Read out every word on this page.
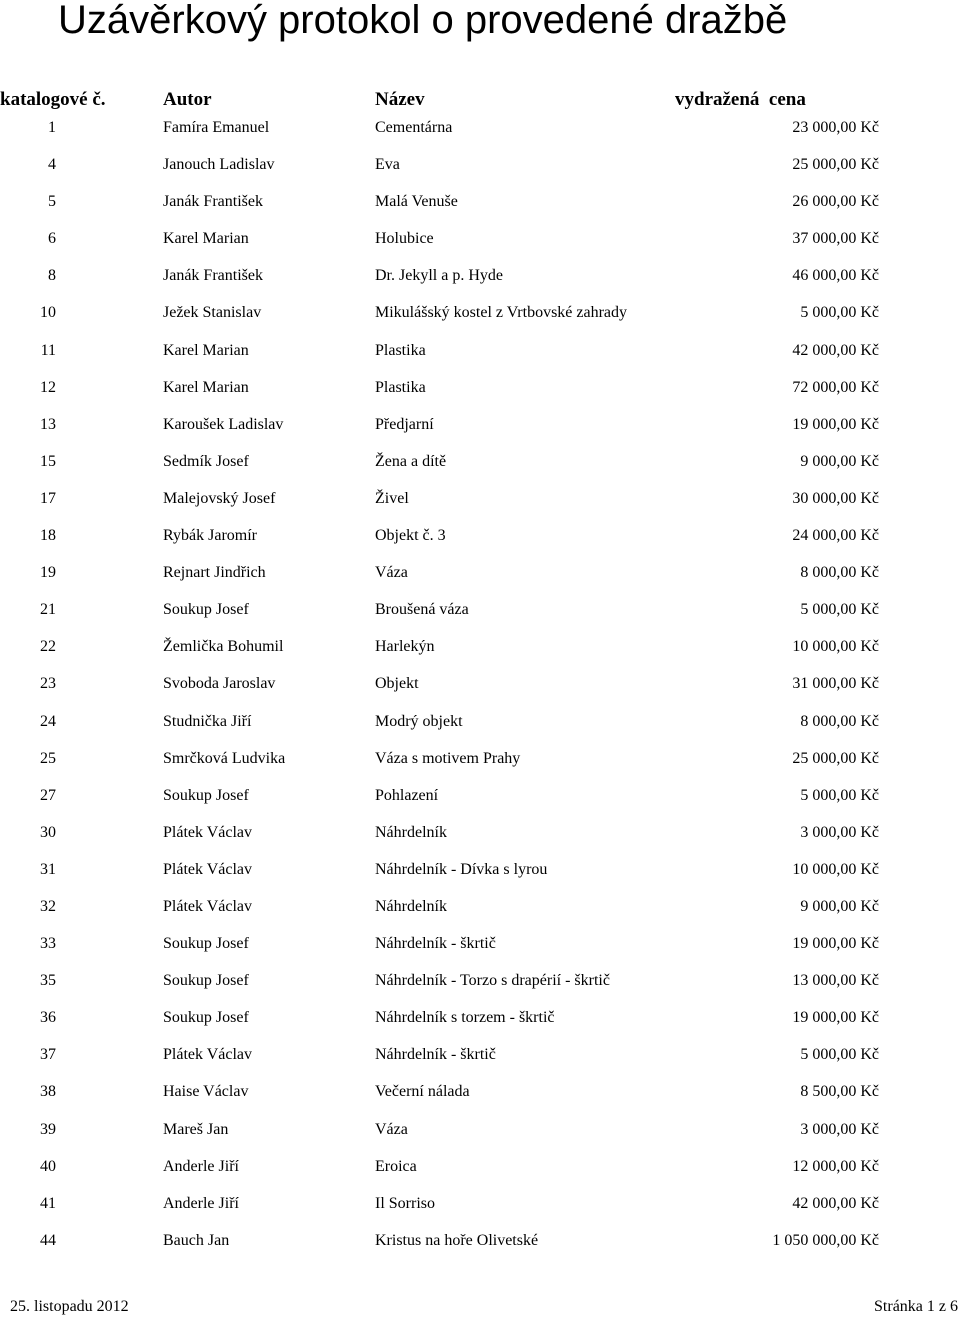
Uzávěrkový protokol o provedené dražbě
katalogové č.	Autor	Název	vydražená  cena
1	Famíra Emanuel	Cementárna	23 000,00 Kč
4	Janouch Ladislav	Eva	25 000,00 Kč
5	Janák František	Malá Venuše	26 000,00 Kč
6	Karel Marian	Holubice	37 000,00 Kč
8	Janák František	Dr. Jekyll a p. Hyde	46 000,00 Kč
10	Ježek Stanislav	Mikulášský kostel z Vrtbovské zahrady	5 000,00 Kč
11	Karel Marian	Plastika	42 000,00 Kč
12	Karel Marian	Plastika	72 000,00 Kč
13	Karoušek Ladislav	Předjarní	19 000,00 Kč
15	Sedmík Josef	Žena a dítě	9 000,00 Kč
17	Malejovský Josef	Živel	30 000,00 Kč
18	Rybák Jaromír	Objekt č. 3	24 000,00 Kč
19	Rejnart Jindřich	Váza	8 000,00 Kč
21	Soukup Josef	Broušená váza	5 000,00 Kč
22	Žemlička Bohumil	Harlekýn	10 000,00 Kč
23	Svoboda Jaroslav	Objekt	31 000,00 Kč
24	Studnička Jiří	Modrý objekt	8 000,00 Kč
25	Smrčková Ludvika	Váza s motivem Prahy	25 000,00 Kč
27	Soukup Josef	Pohlazení	5 000,00 Kč
30	Plátek Václav	Náhrdelník	3 000,00 Kč
31	Plátek Václav	Náhrdelník - Dívka s lyrou	10 000,00 Kč
32	Plátek Václav	Náhrdelník	9 000,00 Kč
33	Soukup Josef	Náhrdelník - škrtič	19 000,00 Kč
35	Soukup Josef	Náhrdelník - Torzo s drapérií - škrtič	13 000,00 Kč
36	Soukup Josef	Náhrdelník s torzem - škrtič	19 000,00 Kč
37	Plátek Václav	Náhrdelník - škrtič	5 000,00 Kč
38	Haise Václav	Večerní nálada	8 500,00 Kč
39	Mareš Jan	Váza	3 000,00 Kč
40	Anderle Jiří	Eroica	12 000,00 Kč
41	Anderle Jiří	Il Sorriso	42 000,00 Kč
44	Bauch Jan	Kristus na hoře Olivetské	1 050 000,00 Kč
25. listopadu 2012	Stránka 1 z 6
